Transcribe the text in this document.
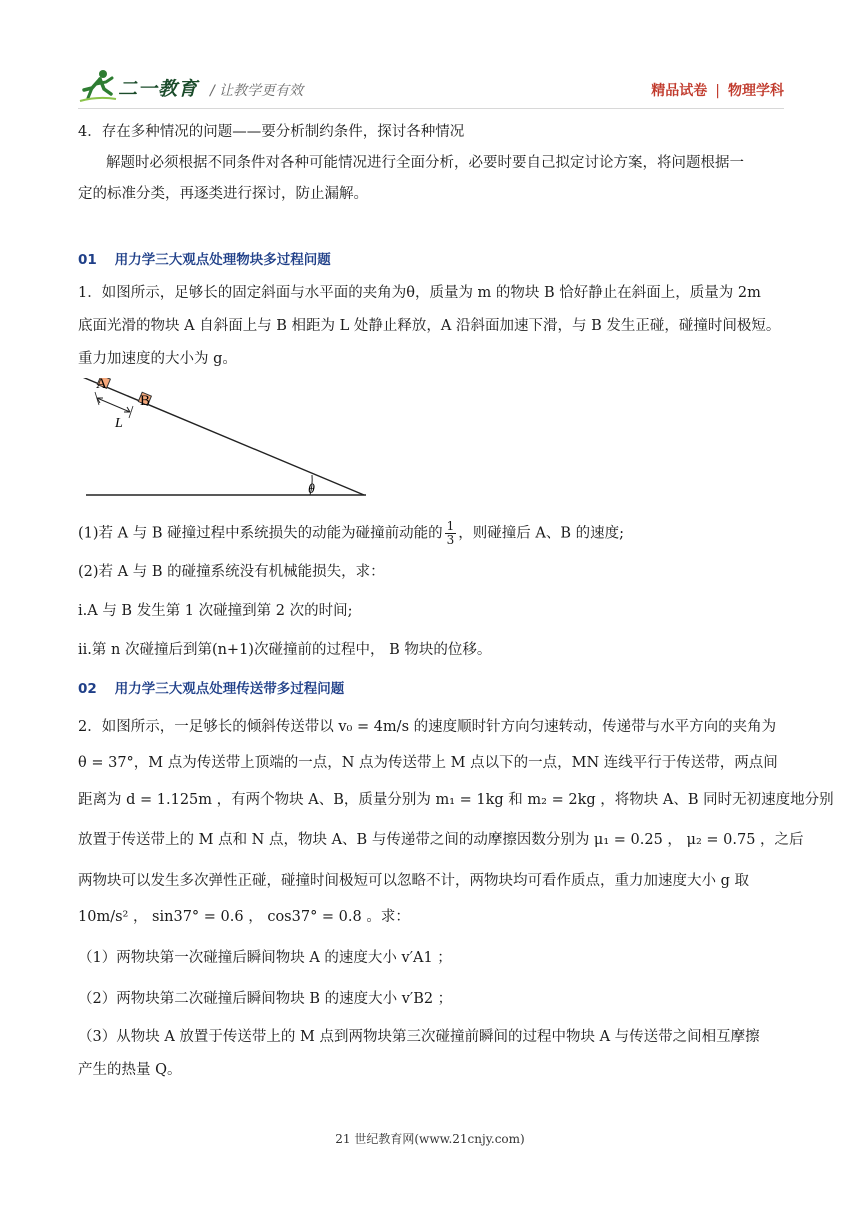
二一教育 / 让教学更有效	精品试卷 | 物理学科

4．存在多种情况的问题——要分析制约条件，探讨各种情况

解题时必须根据不同条件对各种可能情况进行全面分析，必要时要自己拟定讨论方案，将问题根据一

定的标准分类，再逐类进行探讨，防止漏解。

01 用力学三大观点处理物块多过程问题

1．如图所示，足够长的固定斜面与水平面的夹角为θ，质量为 m 的物块 B 恰好静止在斜面上，质量为 2m

底面光滑的物块 A 自斜面上与 B 相距为 L 处静止释放，A 沿斜面加速下滑，与 B 发生正碰，碰撞时间极短。

重力加速度的大小为 g。

A
B
L
θ

(1)若 A 与 B 碰撞过程中系统损失的动能为碰撞前动能的 $\frac{1}{3}$ ，则碰撞后 A、B 的速度;

(2)若 A 与 B 的碰撞系统没有机械能损失，求：

i.A 与 B 发生第 1 次碰撞到第 2 次的时间;

ii.第 n 次碰撞后到第(n+1)次碰撞前的过程中， B 物块的位移。

02 用力学三大观点处理传送带多过程问题

2．如图所示，一足够长的倾斜传送带以 v₀ = 4m/s 的速度顺时针方向匀速转动，传递带与水平方向的夹角为

θ = 37°，M 点为传送带上顶端的一点，N 点为传送带上 M 点以下的一点，MN 连线平行于传送带，两点间

距离为 d = 1.125m ，有两个物块 A、B，质量分别为 m₁ = 1kg 和 m₂ = 2kg ，将物块 A、B 同时无初速度地分别

放置于传送带上的 M 点和 N 点，物块 A、B 与传递带之间的动摩擦因数分别为 μ₁ = 0.25 ， μ₂ = 0.75 ，之后

两物块可以发生多次弹性正碰，碰撞时间极短可以忽略不计，两物块均可看作质点，重力加速度大小 g 取

10m/s² ， sin37° = 0.6 ， cos37° = 0.8 。求：

（1）两物块第一次碰撞后瞬间物块 A 的速度大小 v′A1 ；

（2）两物块第二次碰撞后瞬间物块 B 的速度大小 v′B2 ；

（3）从物块 A 放置于传送带上的 M 点到两物块第三次碰撞前瞬间的过程中物块 A 与传送带之间相互摩擦

产生的热量 Q。

21 世纪教育网(www.21cnjy.com)
